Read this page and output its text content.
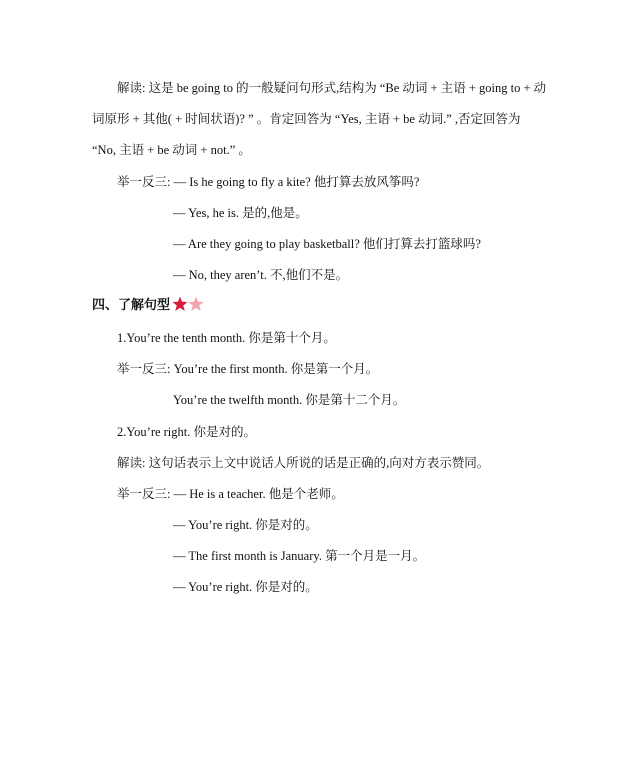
解读: 这是 be going to 的一般疑问句形式,结构为 “Be 动词 + 主语 + going to + 动
词原形 + 其他( + 时间状语)? ” 。肯定回答为 “Yes, 主语 + be 动词.” ,否定回答为
“No, 主语 + be 动词 + not.” 。
举一反三: — Is he going to fly a kite? 他打算去放风筝吗?
— Yes, he is. 是的,他是。
— Are they going to play basketball? 他们打算去打篮球吗?
— No, they aren’t. 不,他们不是。
四、了解句型
1.You’re the tenth month. 你是第十个月。
举一反三: You’re the first month. 你是第一个月。
You’re the twelfth month. 你是第十二个月。
2.You’re right. 你是对的。
解读: 这句话表示上文中说话人所说的话是正确的,向对方表示赞同。
举一反三: — He is a teacher. 他是个老师。
— You’re right. 你是对的。
— The first month is January. 第一个月是一月。
— You’re right. 你是对的。
